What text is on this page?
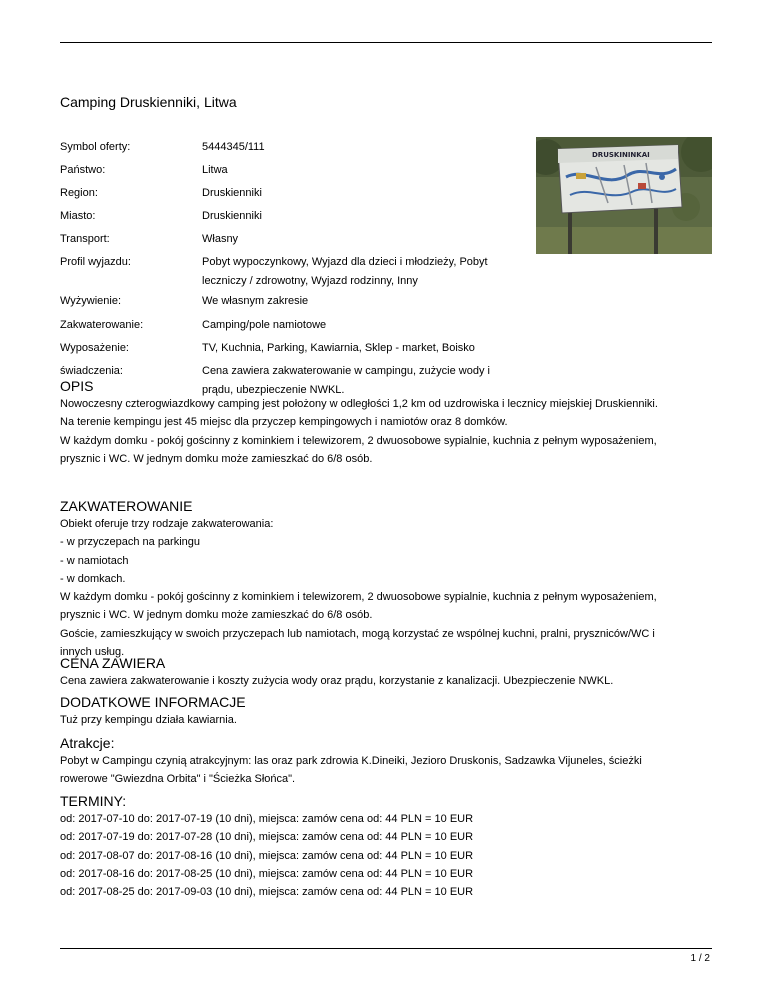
Camping Druskienniki, Litwa
Symbol oferty:	5444345/111
Państwo:	Litwa
Region:	Druskienniki
Miasto:	Druskienniki
Transport:	Własny
Profil wyjazdu:	Pobyt wypoczynkowy, Wyjazd dla dzieci i młodzieży, Pobyt
leczniczy / zdrowotny, Wyjazd rodzinny, Inny
Wyżywienie:	We własnym zakresie
Zakwaterowanie:	Camping/pole namiotowe
Wyposażenie:	TV, Kuchnia, Parking, Kawiarnia, Sklep - market, Boisko
świadczenia:	Cena zawiera zakwaterowanie w campingu, zużycie wody i
prądu, ubezpieczenie NWKL.
DRUSKININKAI
OPIS
Nowoczesny czterogwiazdkowy camping jest położony w odległości 1,2 km od uzdrowiska i lecznicy miejskiej Druskienniki.
Na terenie kempingu jest 45 miejsc dla przyczep kempingowych i namiotów oraz 8 domków.
W każdym domku - pokój gościnny z kominkiem i telewizorem, 2 dwuosobowe sypialnie, kuchnia z pełnym wyposażeniem,
prysznic i WC. W jednym domku może zamieszkać do 6/8 osób.
ZAKWATEROWANIE
Obiekt oferuje trzy rodzaje zakwaterowania:
- w przyczepach na parkingu
- w namiotach
- w domkach.
W każdym domku - pokój gościnny z kominkiem i telewizorem, 2 dwuosobowe sypialnie, kuchnia z pełnym wyposażeniem,
prysznic i WC. W jednym domku może zamieszkać do 6/8 osób.
Goście, zamieszkujący w swoich przyczepach lub namiotach, mogą korzystać ze wspólnej kuchni, pralni, pryszniców/WC i
innych usług.
CENA ZAWIERA
Cena zawiera zakwaterowanie i koszty zużycia wody oraz prądu, korzystanie z kanalizacji. Ubezpieczenie NWKL.
DODATKOWE INFORMACJE
Tuż przy kempingu działa kawiarnia.
Atrakcje:
Pobyt w Campingu czynią atrakcyjnym: las oraz park zdrowia K.Dineiki, Jezioro Druskonis, Sadzawka Vijuneles, ścieżki
rowerowe "Gwiezdna Orbita" i "Ścieżka Słońca".
TERMINY:
od: 2017-07-10 do: 2017-07-19 (10 dni), miejsca: zamów cena od: 44 PLN = 10 EUR
od: 2017-07-19 do: 2017-07-28 (10 dni), miejsca: zamów cena od: 44 PLN = 10 EUR
od: 2017-08-07 do: 2017-08-16 (10 dni), miejsca: zamów cena od: 44 PLN = 10 EUR
od: 2017-08-16 do: 2017-08-25 (10 dni), miejsca: zamów cena od: 44 PLN = 10 EUR
od: 2017-08-25 do: 2017-09-03 (10 dni), miejsca: zamów cena od: 44 PLN = 10 EUR
1 / 2
